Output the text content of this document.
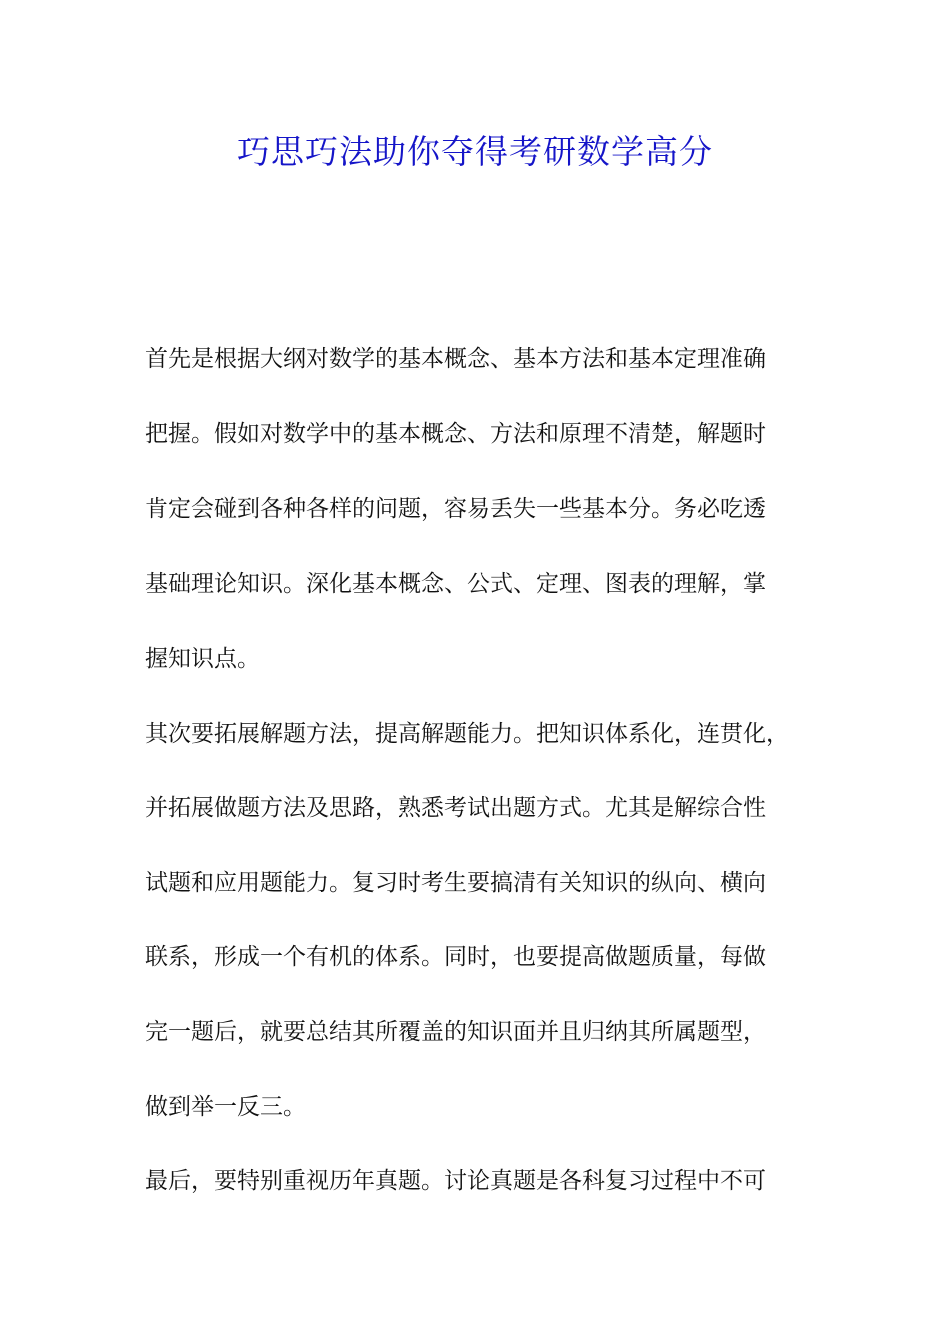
巧思巧法助你夺得考研数学高分

首先是根据大纲对数学的基本概念、基本方法和基本定理准确

把握。假如对数学中的基本概念、方法和原理不清楚，解题时

肯定会碰到各种各样的问题，容易丢失一些基本分。务必吃透

基础理论知识。深化基本概念、公式、定理、图表的理解，掌

握知识点。

其次要拓展解题方法，提高解题能力。把知识体系化，连贯化，

并拓展做题方法及思路，熟悉考试出题方式。尤其是解综合性

试题和应用题能力。复习时考生要搞清有关知识的纵向、横向

联系，形成一个有机的体系。同时，也要提高做题质量，每做

完一题后，就要总结其所覆盖的知识面并且归纳其所属题型，

做到举一反三。

最后，要特别重视历年真题。讨论真题是各科复习过程中不可
